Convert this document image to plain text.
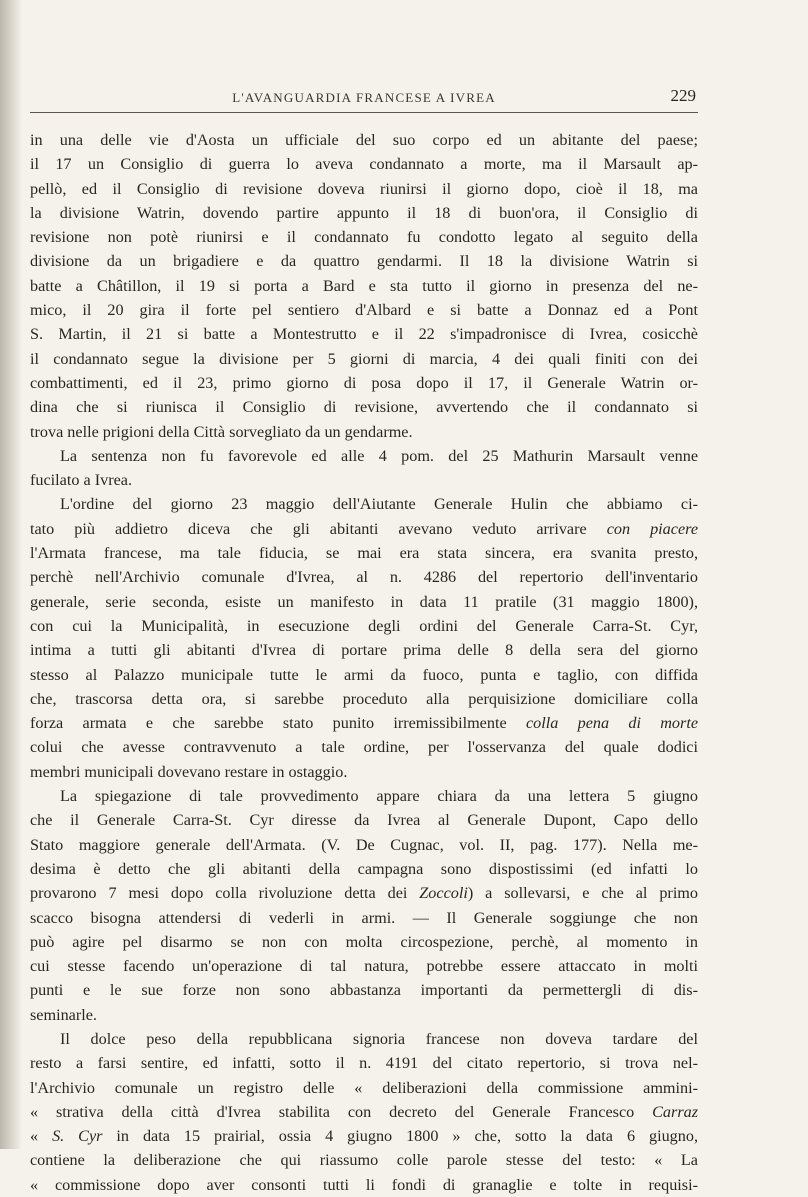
L'AVANGUARDIA FRANCESE A IVREA	229
in una delle vie d'Aosta un ufficiale del suo corpo ed un abitante del paese;
il 17 un Consiglio di guerra lo aveva condannato a morte, ma il Marsault ap-
pellò, ed il Consiglio di revisione doveva riunirsi il giorno dopo, cioè il 18, ma
la divisione Watrin, dovendo partire appunto il 18 di buon'ora, il Consiglio di
revisione non potè riunirsi e il condannato fu condotto legato al seguito della
divisione da un brigadiere e da quattro gendarmi. Il 18 la divisione Watrin si
batte a Châtillon, il 19 si porta a Bard e sta tutto il giorno in presenza del ne-
mico, il 20 gira il forte pel sentiero d'Albard e si batte a Donnaz ed a Pont
S. Martin, il 21 si batte a Montestrutto e il 22 s'impadronisce di Ivrea, cosicchè
il condannato segue la divisione per 5 giorni di marcia, 4 dei quali finiti con dei
combattimenti, ed il 23, primo giorno di posa dopo il 17, il Generale Watrin or-
dina che si riunisca il Consiglio di revisione, avvertendo che il condannato si
trova nelle prigioni della Città sorvegliato da un gendarme.
La sentenza non fu favorevole ed alle 4 pom. del 25 Mathurin Marsault venne
fucilato a Ivrea.
L'ordine del giorno 23 maggio dell'Aiutante Generale Hulin che abbiamo ci-
tato più addietro diceva che gli abitanti avevano veduto arrivare con piacere
l'Armata francese, ma tale fiducia, se mai era stata sincera, era svanita presto,
perchè nell'Archivio comunale d'Ivrea, al n. 4286 del repertorio dell'inventario
generale, serie seconda, esiste un manifesto in data 11 pratile (31 maggio 1800),
con cui la Municipalità, in esecuzione degli ordini del Generale Carra-St. Cyr,
intima a tutti gli abitanti d'Ivrea di portare prima delle 8 della sera del giorno
stesso al Palazzo municipale tutte le armi da fuoco, punta e taglio, con diffida
che, trascorsa detta ora, si sarebbe proceduto alla perquisizione domiciliare colla
forza armata e che sarebbe stato punito irremissibilmente colla pena di morte
colui che avesse contravvenuto a tale ordine, per l'osservanza del quale dodici
membri municipali dovevano restare in ostaggio.
La spiegazione di tale provvedimento appare chiara da una lettera 5 giugno
che il Generale Carra-St. Cyr diresse da Ivrea al Generale Dupont, Capo dello
Stato maggiore generale dell'Armata. (V. De Cugnac, vol. II, pag. 177). Nella me-
desima è detto che gli abitanti della campagna sono dispostissimi (ed infatti lo
provarono 7 mesi dopo colla rivoluzione detta dei Zoccoli) a sollevarsi, e che al primo
scacco bisogna attendersi di vederli in armi. — Il Generale soggiunge che non
può agire pel disarmo se non con molta circospezione, perchè, al momento in
cui stesse facendo un'operazione di tal natura, potrebbe essere attaccato in molti
punti e le sue forze non sono abbastanza importanti da permettergli di dis-
seminarle.
Il dolce peso della repubblicana signoria francese non doveva tardare del
resto a farsi sentire, ed infatti, sotto il n. 4191 del citato repertorio, si trova nel-
l'Archivio comunale un registro delle « deliberazioni della commissione ammini-
« strativa della città d'Ivrea stabilita con decreto del Generale Francesco Carraz
« S. Cyr in data 15 prairial, ossia 4 giugno 1800 » che, sotto la data 6 giugno,
contiene la deliberazione che qui riassumo colle parole stesse del testo: « La
« commissione dopo aver consonti tutti li fondi di granaglie e tolte in requisi-
